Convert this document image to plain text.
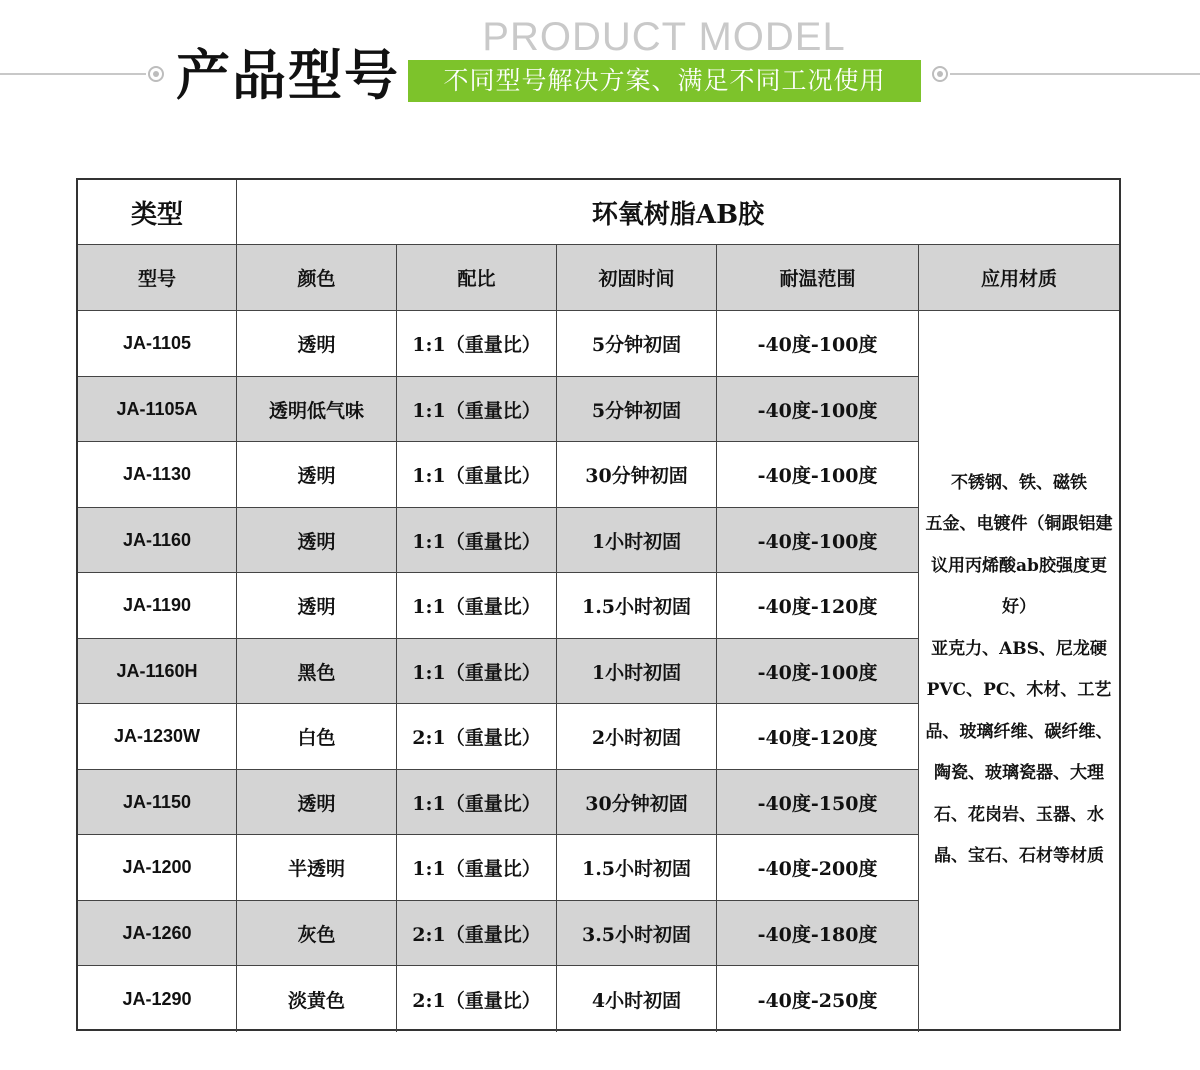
PRODUCT MODEL
产品型号	不同型号解决方案、满足不同工况使用
类型	环氧树脂AB胶
型号	颜色	配比	初固时间	耐温范围	应用材质
不锈钢、铁、磁铁
五金、电镀件（铜跟铝建议用丙烯酸ab胶强度更好）
亚克力、ABS、尼龙硬PVC、PC、木材、工艺品、玻璃纤维、碳纤维、陶瓷、玻璃瓷器、大理石、花岗岩、玉器、水晶、宝石、石材等材质
JA-1105	透明	1:1（重量比）	5分钟初固	-40度-100度
JA-1105A	透明低气味	1:1（重量比）	5分钟初固	-40度-100度
JA-1130	透明	1:1（重量比）	30分钟初固	-40度-100度
JA-1160	透明	1:1（重量比）	1小时初固	-40度-100度
JA-1190	透明	1:1（重量比）	1.5小时初固	-40度-120度
JA-1160H	黑色	1:1（重量比）	1小时初固	-40度-100度
JA-1230W	白色	2:1（重量比）	2小时初固	-40度-120度
JA-1150	透明	1:1（重量比）	30分钟初固	-40度-150度
JA-1200	半透明	1:1（重量比）	1.5小时初固	-40度-200度
JA-1260	灰色	2:1（重量比）	3.5小时初固	-40度-180度
JA-1290	淡黄色	2:1（重量比）	4小时初固	-40度-250度
